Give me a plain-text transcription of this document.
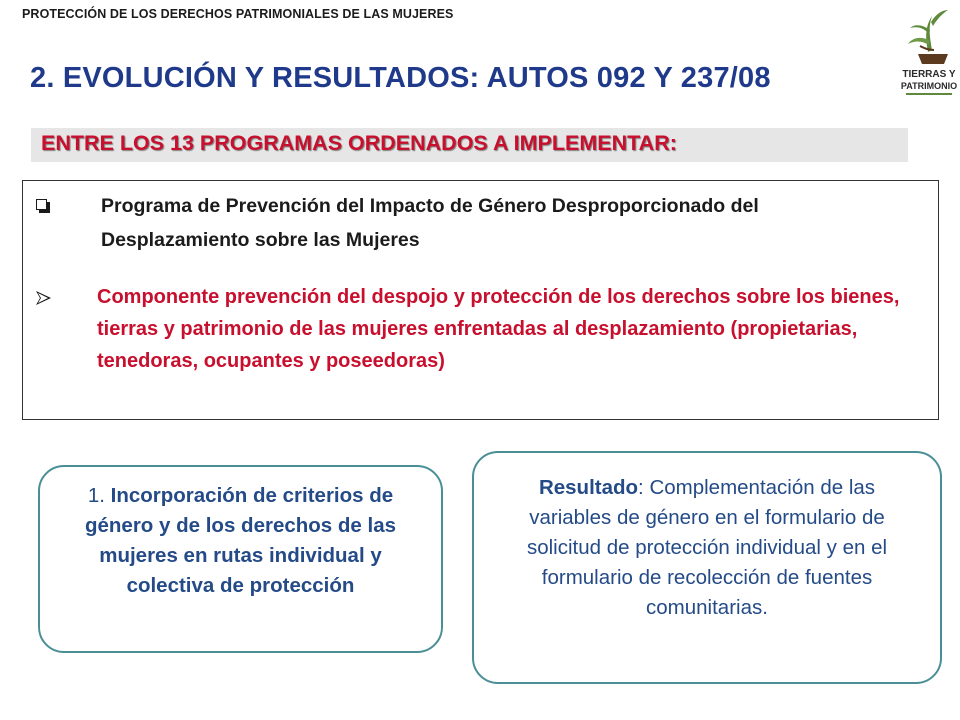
PROTECCIÓN DE LOS DERECHOS PATRIMONIALES DE LAS MUJERES
2. EVOLUCIÓN Y RESULTADOS: AUTOS 092 Y 237/08	TIERRAS Y
PATRIMONIO
ENTRE LOS 13 PROGRAMAS ORDENADOS A IMPLEMENTAR:
Programa de Prevención del Impacto de Género Desproporcionado del Desplazamiento sobre las Mujeres
Componente prevención del despojo y protección de los derechos sobre los bienes, tierras y patrimonio de las mujeres enfrentadas al desplazamiento (propietarias, tenedoras, ocupantes y poseedoras)
1. Incorporación de criterios de género y de los derechos de las mujeres en rutas individual y colectiva de protección
Resultado: Complementación de las variables de género en el formulario de solicitud de protección individual y en el formulario de recolección de fuentes comunitarias.
